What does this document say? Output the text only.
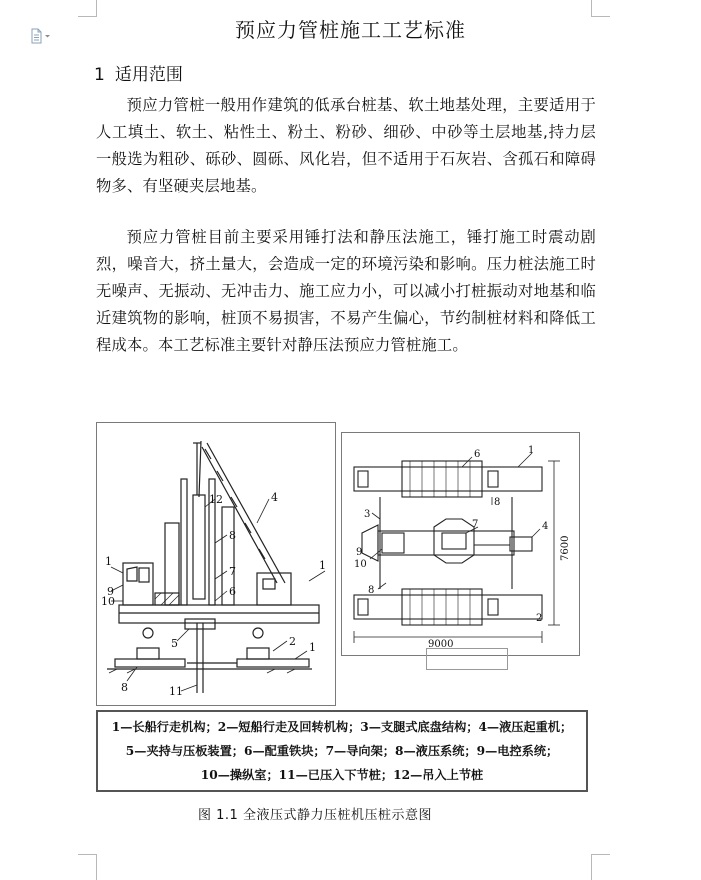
预应力管桩施工工艺标准
1 适用范围
预应力管桩一般用作建筑的低承台桩基、软土地基处理，主要适用于人工填土、软土、粘性土、粉土、粉砂、细砂、中砂等土层地基,持力层一般选为粗砂、砾砂、圆砾、风化岩，但不适用于石灰岩、含孤石和障碍物多、有坚硬夹层地基。
预应力管桩目前主要采用锤打法和静压法施工，锤打施工时震动剧烈，噪音大，挤土量大，会造成一定的环境污染和影响。压力桩法施工时无噪声、无振动、无冲击力、施工应力小，可以减小打桩振动对地基和临近建筑物的影响，桩顶不易损害，不易产生偏心，节约制桩材料和降低工程成本。本工艺标准主要针对静压法预应力管桩施工。
1
2
4
5
6
7
8
9
10
11
12
1
8
1
1
8
3
4
6
7
9
10
8
2
9000
7600
1—长船行走机构；2—短船行走及回转机构；3—支腿式底盘结构；4—液压起重机；
5—夹持与压板装置；6—配重铁块；7—导向架；8—液压系统；9—电控系统；
10—操纵室；11—已压入下节桩；12—吊入上节桩
图 1.1 全液压式静力压桩机压桩示意图
